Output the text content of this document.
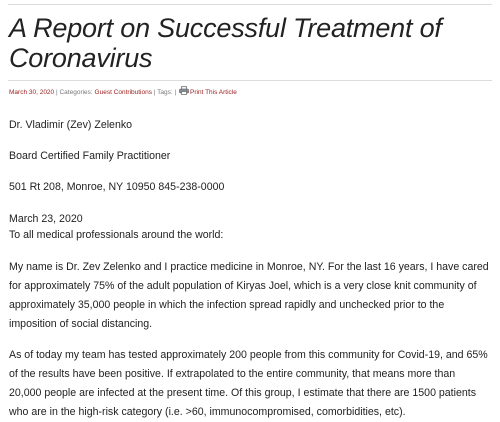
A Report on Successful Treatment of Coronavirus
March 30, 2020 | Categories: Guest Contributions | Tags: | Print This Article

Dr. Vladimir (Zev) Zelenko

Board Certified Family Practitioner

501 Rt 208, Monroe, NY 10950 845-238-0000

March 23, 2020

To all medical professionals around the world:

My name is Dr. Zev Zelenko and I practice medicine in Monroe, NY. For the last 16 years, I have cared for approximately 75% of the adult population of Kiryas Joel, which is a very close knit community of approximately 35,000 people in which the infection spread rapidly and unchecked prior to the imposition of social distancing.

As of today my team has tested approximately 200 people from this community for Covid-19, and 65% of the results have been positive. If extrapolated to the entire community, that means more than 20,000 people are infected at the present time. Of this group, I estimate that there are 1500 patients who are in the high-risk category (i.e. >60, immunocompromised, comorbidities, etc).
